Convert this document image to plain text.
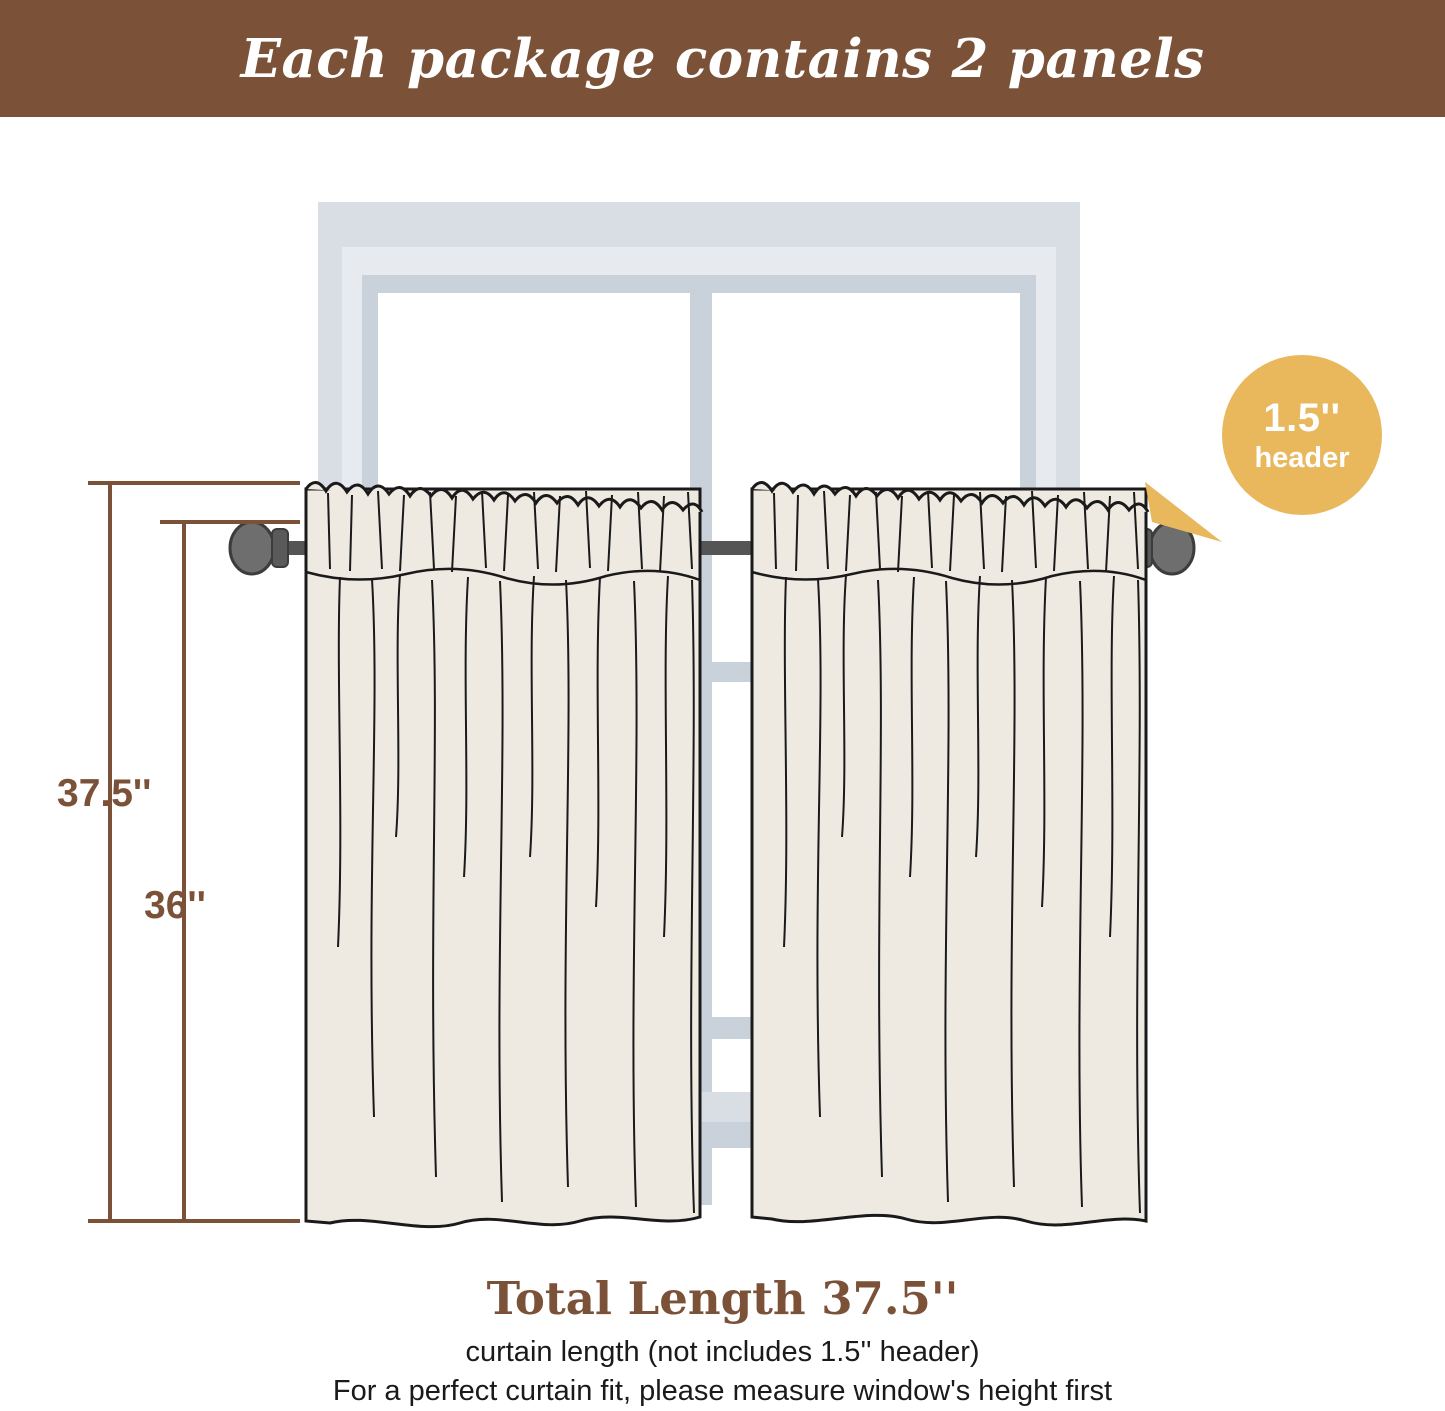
Each package contains 2 panels
1.5''
header
37.5''
36''
Total Length 37.5''
curtain length (not includes 1.5'' header)
For a perfect curtain fit, please measure window's height first
